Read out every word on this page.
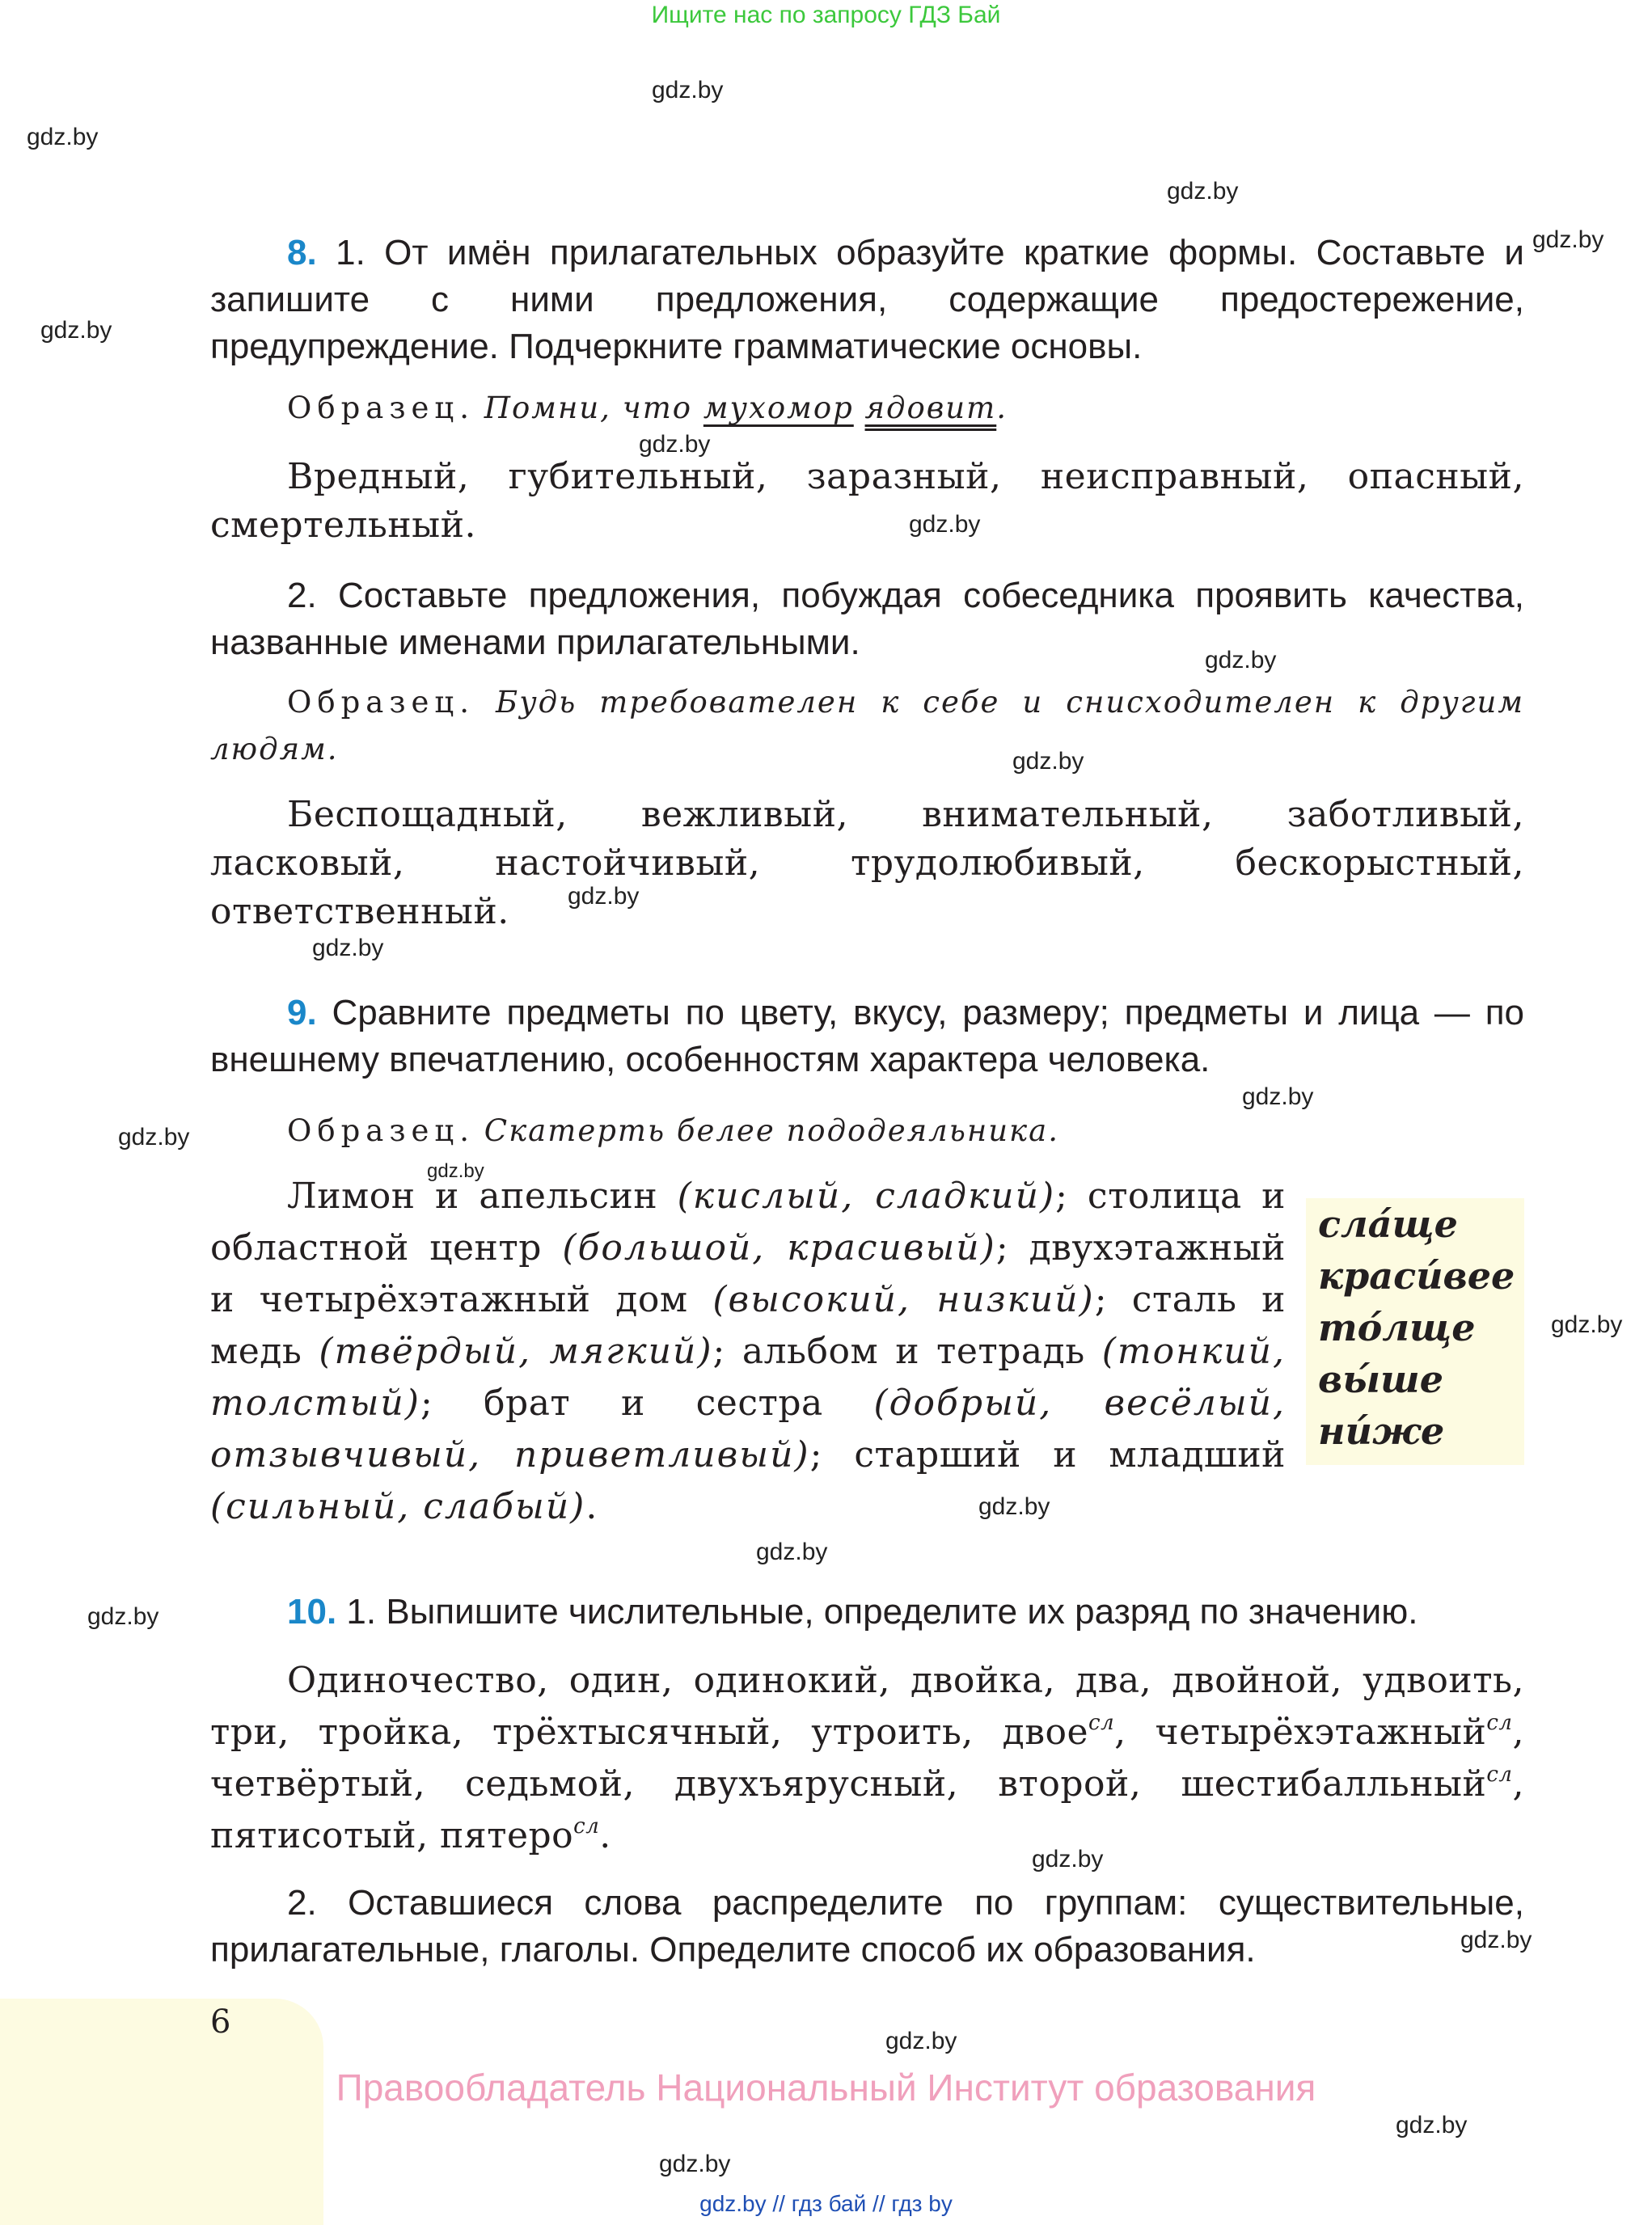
Ищите нас по запросу ГДЗ Бай
gdz.by
gdz.by
gdz.by
gdz.by
gdz.by
gdz.by
gdz.by
gdz.by
gdz.by
gdz.by
gdz.by
gdz.by
gdz.by
gdz.by
gdz.by
gdz.by
gdz.by
gdz.by
gdz.by
gdz.by
gdz.by
gdz.by
gdz.by
8. 1. От имён прилагательных образуйте краткие формы. Составьте и запишите с ними предложения, содержащие предостережение, предупреждение. Подчеркните грамматические основы.
Образец. Помни, что мухомор ядовит.
Вредный, губительный, заразный, неисправный, опасный, смертельный.
2. Составьте предложения, побуждая собеседника проявить качества, названные именами прилагательными.
Образец. Будь требователен к себе и снисходителен к другим людям.
Беспощадный, вежливый, внимательный, заботливый, ласковый, настойчивый, трудолюбивый, бескорыстный, ответственный.
9. Сравните предметы по цвету, вкусу, размеру; предметы и лица — по внешнему впечатлению, особенностям характера человека.
Образец. Скатерть белее пододеяльника.
Лимон и апельсин (кислый, сладкий); столица и областной центр (большой, красивый); двухэтажный и четырёхэтажный дом (высокий, низкий); сталь и медь (твёрдый, мягкий); альбом и тетрадь (тонкий, толстый); брат и сестра (добрый, весёлый, отзывчивый, приветливый); старший и младший (сильный, слабый).
сла́ще
краси́вее
то́лще
вы́ше
ни́же
10. 1. Выпишите числительные, определите их разряд по значению.
Одиночество, один, одинокий, двойка, два, двойной, удвоить, три, тройка, трёхтысячный, утроить, двое$^{сл}$, четырёхэтажный$^{сл}$, четвёртый, седьмой, двухъярусный, второй, шестибалльный$^{сл}$, пятисотый, пятеро$^{сл}$.
2. Оставшиеся слова распределите по группам: существительные, прилагательные, глаголы. Определите способ их образования.
6
Правообладатель Национальный Институт образования
gdz.by // гдз бай // гдз by
